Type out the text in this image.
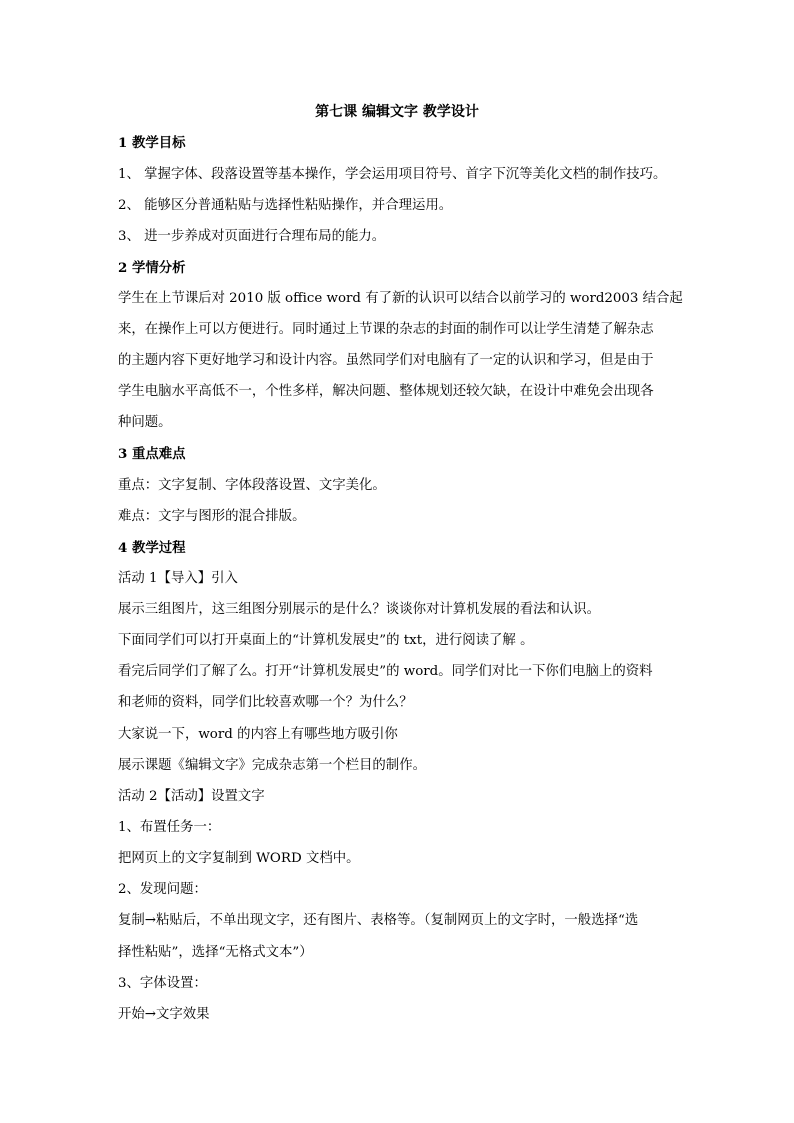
第七课 编辑文字 教学设计
1 教学目标
1、 掌握字体、段落设置等基本操作，学会运用项目符号、首字下沉等美化文档的制作技巧。
2、 能够区分普通粘贴与选择性粘贴操作，并合理运用。
3、 进一步养成对页面进行合理布局的能力。
2 学情分析
学生在上节课后对 2010 版 office word 有了新的认识可以结合以前学习的 word2003 结合起
来，在操作上可以方便进行。同时通过上节课的杂志的封面的制作可以让学生清楚了解杂志
的主题内容下更好地学习和设计内容。虽然同学们对电脑有了一定的认识和学习，但是由于
学生电脑水平高低不一，个性多样，解决问题、整体规划还较欠缺，在设计中难免会出现各
种问题。
3 重点难点
重点：文字复制、字体段落设置、文字美化。
难点：文字与图形的混合排版。
4 教学过程
活动 1【导入】引入
展示三组图片，这三组图分别展示的是什么？谈谈你对计算机发展的看法和认识。
下面同学们可以打开桌面上的“计算机发展史”的 txt，进行阅读了解 。
看完后同学们了解了么。打开“计算机发展史”的 word。同学们对比一下你们电脑上的资料
和老师的资料，同学们比较喜欢哪一个？为什么？
大家说一下，word 的内容上有哪些地方吸引你
展示课题《编辑文字》完成杂志第一个栏目的制作。
活动 2【活动】设置文字
1、布置任务一：
把网页上的文字复制到 WORD 文档中。
2、发现问题：
复制→粘贴后，不单出现文字，还有图片、表格等。（复制网页上的文字时，一般选择“选
择性粘贴”，选择“无格式文本”）
3、字体设置：
开始→文字效果
